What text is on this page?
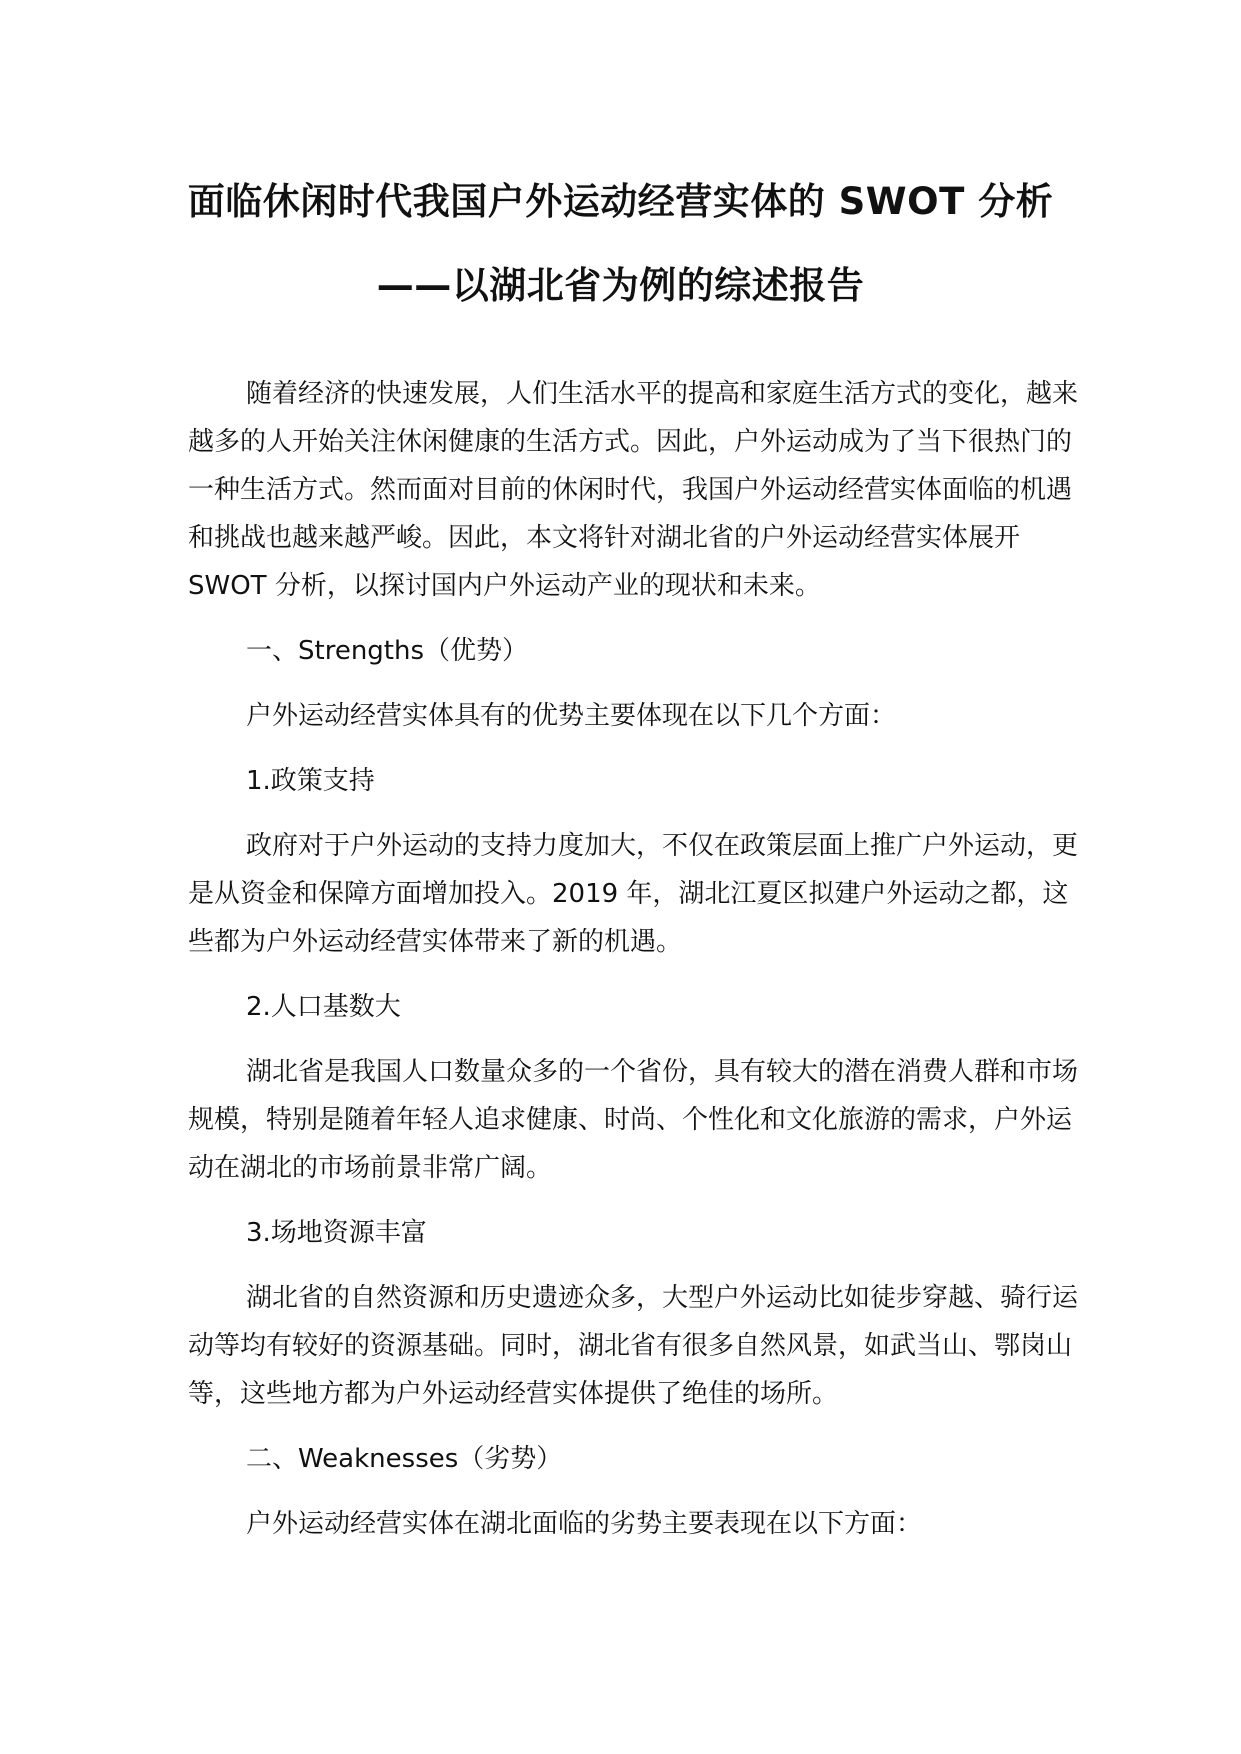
面临休闲时代我国户外运动经营实体的 SWOT 分析
——以湖北省为例的综述报告

随着经济的快速发展，人们生活水平的提高和家庭生活方式的变化，越来越多的人开始关注休闲健康的生活方式。因此，户外运动成为了当下很热门的一种生活方式。然而面对目前的休闲时代，我国户外运动经营实体面临的机遇和挑战也越来越严峻。因此，本文将针对湖北省的户外运动经营实体展开 SWOT 分析，以探讨国内户外运动产业的现状和未来。

一、Strengths（优势）

户外运动经营实体具有的优势主要体现在以下几个方面：

1.政策支持

政府对于户外运动的支持力度加大，不仅在政策层面上推广户外运动，更是从资金和保障方面增加投入。2019 年，湖北江夏区拟建户外运动之都，这些都为户外运动经营实体带来了新的机遇。

2.人口基数大

湖北省是我国人口数量众多的一个省份，具有较大的潜在消费人群和市场规模，特别是随着年轻人追求健康、时尚、个性化和文化旅游的需求，户外运动在湖北的市场前景非常广阔。

3.场地资源丰富

湖北省的自然资源和历史遗迹众多，大型户外运动比如徒步穿越、骑行运动等均有较好的资源基础。同时，湖北省有很多自然风景，如武当山、鄂岗山等，这些地方都为户外运动经营实体提供了绝佳的场所。

二、Weaknesses（劣势）

户外运动经营实体在湖北面临的劣势主要表现在以下方面：
